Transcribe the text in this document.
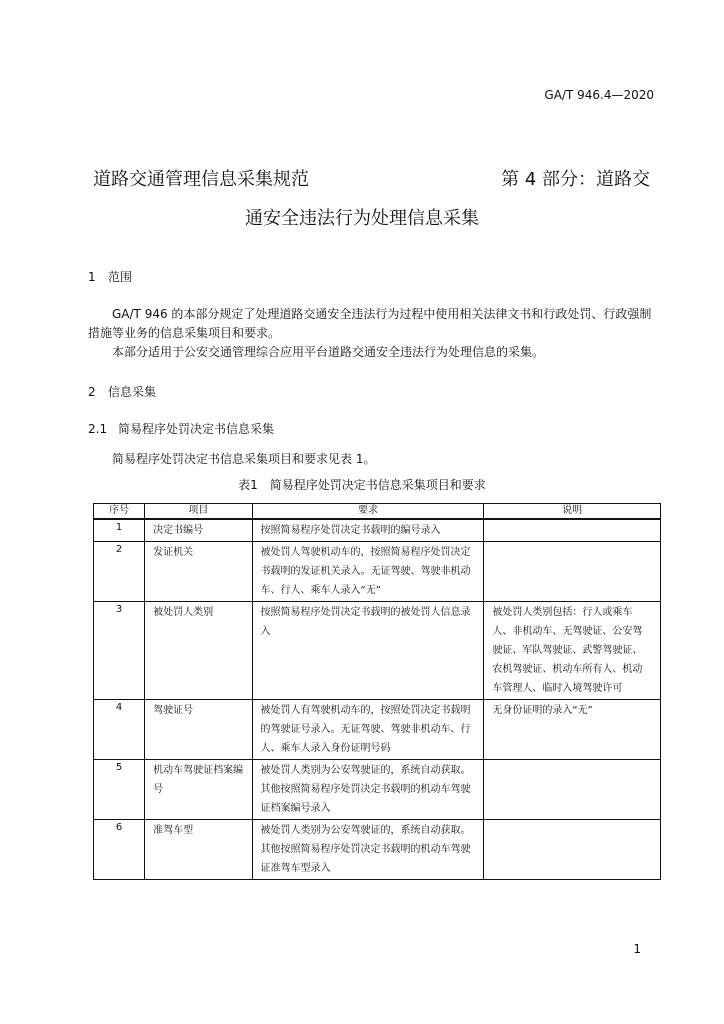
GA/T 946.4—2020
道路交通管理信息采集规范	第 4 部分：道路交
通安全违法行为处理信息采集
1 范围
GA/T 946 的本部分规定了处理道路交通安全违法行为过程中使用相关法律文书和行政处罚、行政强制措施等业务的信息采集项目和要求。
本部分适用于公安交通管理综合应用平台道路交通安全违法行为处理信息的采集。
2 信息采集
2.1 简易程序处罚决定书信息采集
简易程序处罚决定书信息采集项目和要求见表 1。
表1　简易程序处罚决定书信息采集项目和要求
序号	项目	要求	说明
1	决定书编号	按照简易程序处罚决定书载明的编号录入	
2	发证机关	被处罚人驾驶机动车的，按照简易程序处罚决定书载明的发证机关录入。无证驾驶、驾驶非机动车、行人、乘车人录入“无”	
3	被处罚人类别	按照简易程序处罚决定书载明的被处罚人信息录入	被处罚人类别包括：行人或乘车人、非机动车、无驾驶证、公安驾驶证、军队驾驶证、武警驾驶证、农机驾驶证、机动车所有人、机动车管理人、临时入境驾驶许可
4	驾驶证号	被处罚人有驾驶机动车的，按照处罚决定书载明的驾驶证号录入。无证驾驶、驾驶非机动车、行人、乘车人录入身份证明号码	无身份证明的录入“无”
5	机动车驾驶证档案编号	被处罚人类别为公安驾驶证的，系统自动获取。其他按照简易程序处罚决定书载明的机动车驾驶证档案编号录入	
6	准驾车型	被处罚人类别为公安驾驶证的，系统自动获取。其他按照简易程序处罚决定书载明的机动车驾驶证准驾车型录入	
1
